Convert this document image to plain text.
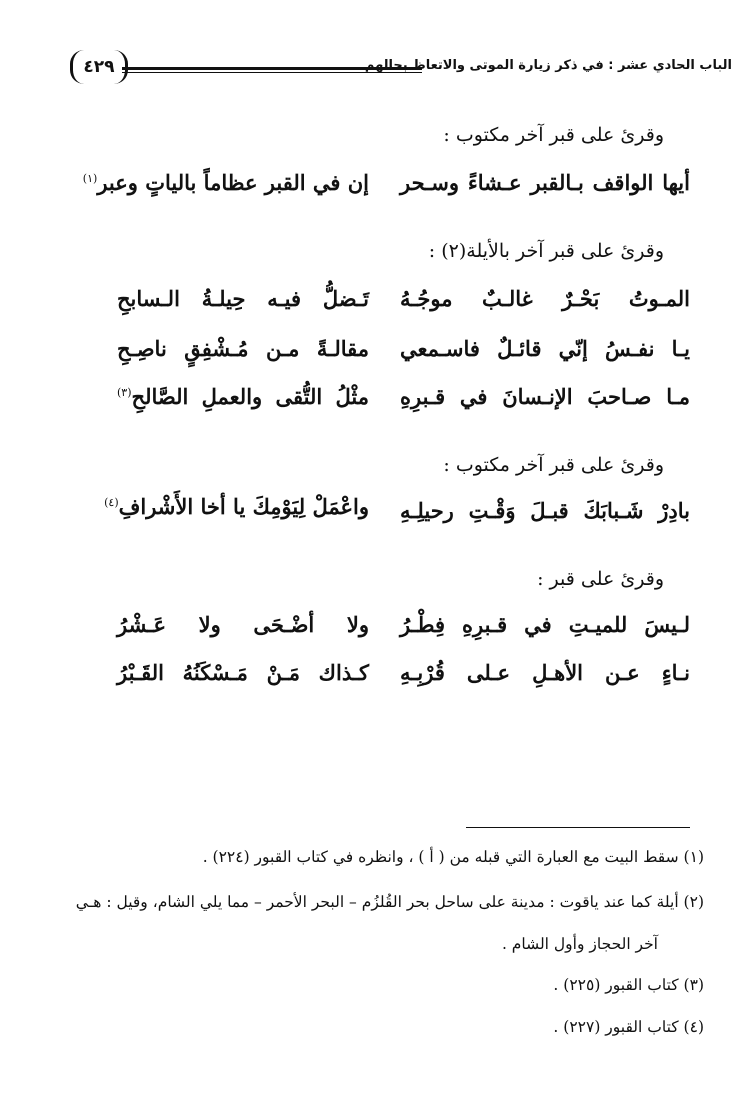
الباب الحادي عشر : في ذكر زيارة الموتى والاتعاظ بحالهم
٤٢٩
وقرئ على قبر آخر مكتوب :
أيها الواقف بـالقبر عـشاءً وسـحر
إن في القبر عظاماً بالياتٍ وعبر$^{(١)}$
وقرئ على قبر آخر بالأيلة(٢) :
المـوتُ بَحْـرٌ غالـبٌ موجُـهُ
تَـضلُّ فيـه حِيلـةُ الـسابحِ
يـا نفـسُ إنّي قائـلٌ فاسـمعي
مقالـةً مـن مُـشْفِقٍ ناصِـحِ
مـا صـاحبَ الإنـسانَ في قـبرِهِ
مثْلُ التُّقى والعملِ الصَّالحِ$^{(٣)}$
وقرئ على قبر آخر مكتوب :
بادِرْ شَـبابَكَ قبـلَ وَقْـتِ رحيلِـهِ
واعْمَلْ لِيَوْمِكَ يا أخا الأَشْرافِ$^{(٤)}$
وقرئ على قبر :
لـيسَ للميـتِ في قـبرِهِ فِطْـرُ
ولا أضْـحَى ولا عَـشْرُ
نـاءٍ عـن الأهـلِ عـلى قُرْبِـهِ
كـذاك مَـنْ مَـسْكَنُهُ القَـبْرُ
(١) سقط البيت مع العبارة التي قبله من ( أ ) ، وانظره في كتاب القبور (٢٢٤) .
(٢) أيلة كما عند ياقوت : مدينة على ساحل بحر القُلزُم – البحر الأحمر – مما يلي الشام، وقيل : هـي
آخر الحجاز وأول الشام .
(٣) كتاب القبور (٢٢٥) .
(٤) كتاب القبور (٢٢٧) .
